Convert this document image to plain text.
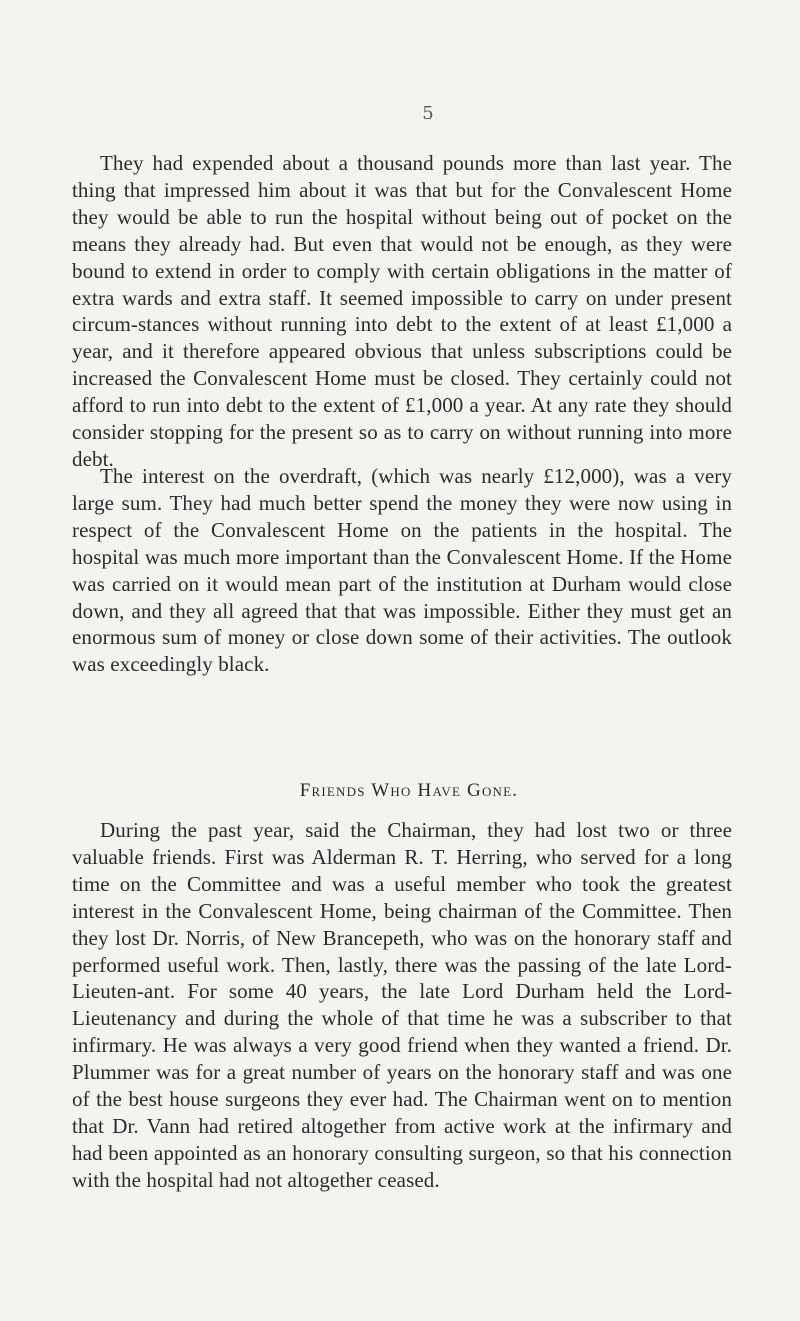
5

They had expended about a thousand pounds more than last year. The thing that impressed him about it was that but for the Convalescent Home they would be able to run the hospital without being out of pocket on the means they already had. But even that would not be enough, as they were bound to extend in order to comply with certain obligations in the matter of extra wards and extra staff. It seemed impossible to carry on under present circum-stances without running into debt to the extent of at least £1,000 a year, and it therefore appeared obvious that unless subscriptions could be increased the Convalescent Home must be closed. They certainly could not afford to run into debt to the extent of £1,000 a year. At any rate they should consider stopping for the present so as to carry on without running into more debt.

The interest on the overdraft, (which was nearly £12,000), was a very large sum. They had much better spend the money they were now using in respect of the Convalescent Home on the patients in the hospital. The hospital was much more important than the Convalescent Home. If the Home was carried on it would mean part of the institution at Durham would close down, and they all agreed that that was impossible. Either they must get an enormous sum of money or close down some of their activities. The outlook was exceedingly black.

Friends Who Have Gone.

During the past year, said the Chairman, they had lost two or three valuable friends. First was Alderman R. T. Herring, who served for a long time on the Committee and was a useful member who took the greatest interest in the Convalescent Home, being chairman of the Committee. Then they lost Dr. Norris, of New Brancepeth, who was on the honorary staff and performed useful work. Then, lastly, there was the passing of the late Lord-Lieuten-ant. For some 40 years, the late Lord Durham held the Lord-Lieutenancy and during the whole of that time he was a subscriber to that infirmary. He was always a very good friend when they wanted a friend. Dr. Plummer was for a great number of years on the honorary staff and was one of the best house surgeons they ever had. The Chairman went on to mention that Dr. Vann had retired altogether from active work at the infirmary and had been appointed as an honorary consulting surgeon, so that his connection with the hospital had not altogether ceased.
